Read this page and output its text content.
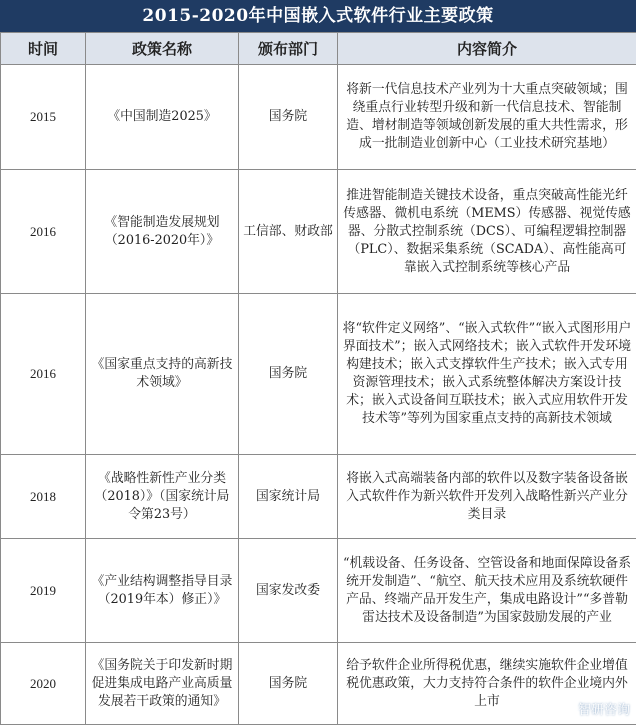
2015-2020年中国嵌入式软件行业主要政策
时间	政策名称	颁布部门	内容简介
2015	《中国制造2025》	国务院	将新一代信息技术产业列为十大重点突破领域；围绕重点行业转型升级和新一代信息技术、智能制造、增材制造等领域创新发展的重大共性需求，形成一批制造业创新中心（工业技术研究基地）
2016	《智能制造发展规划（2016-2020年）》	工信部、财政部	推进智能制造关键技术设备，重点突破高性能光纤传感器、微机电系统（MEMS）传感器、视觉传感器、分散式控制系统（DCS）、可编程逻辑控制器（PLC）、数据采集系统（SCADA）、高性能高可靠嵌入式控制系统等核心产品
2016	《国家重点支持的高新技术领域》	国务院	将“软件定义网络”、“嵌入式软件”“嵌入式图形用户界面技术”；嵌入式网络技术；嵌入式软件开发环境构建技术；嵌入式支撑软件生产技术；嵌入式专用资源管理技术；嵌入式系统整体解决方案设计技术；嵌入式设备间互联技术；嵌入式应用软件开发技术等”等列为国家重点支持的高新技术领域
2018	《战略性新性产业分类（2018）》（国家统计局令第23号）	国家统计局	将嵌入式高端装备内部的软件以及数字装备设备嵌入式软件作为新兴软件开发列入战略性新兴产业分类目录
2019	《产业结构调整指导目录（2019年本）修正）》	国家发改委	“机载设备、任务设备、空管设备和地面保障设备系统开发制造”、“航空、航天技术应用及系统软硬件产品、终端产品开发生产，集成电路设计”“多普勒雷达技术及设备制造”为国家鼓励发展的产业
2020	《国务院关于印发新时期促进集成电路产业高质量发展若干政策的通知》	国务院	给予软件企业所得税优惠，继续实施软件企业增值税优惠政策，大力支持符合条件的软件企业境内外上市
智研咨询
